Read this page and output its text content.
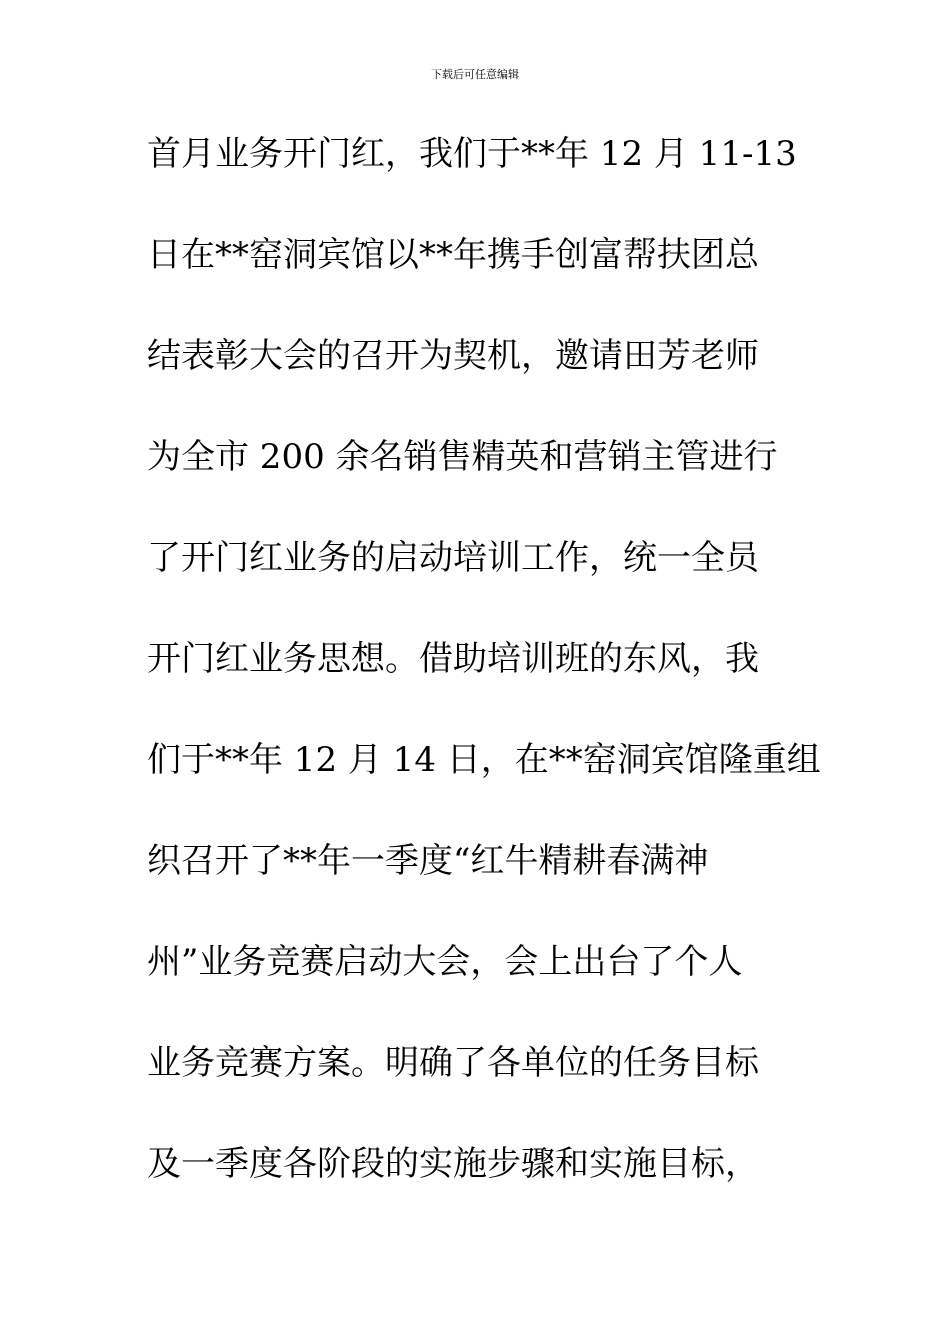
下载后可任意编辑
首月业务开门红，我们于**年 12 月 11-13
日在**窑洞宾馆以**年携手创富帮扶团总
结表彰大会的召开为契机，邀请田芳老师
为全市 200 余名销售精英和营销主管进行
了开门红业务的启动培训工作，统一全员
开门红业务思想。借助培训班的东风，我
们于**年 12 月 14 日，在**窑洞宾馆隆重组
织召开了**年一季度“红牛精耕春满神
州”业务竞赛启动大会，会上出台了个人
业务竞赛方案。明确了各单位的任务目标
及一季度各阶段的实施步骤和实施目标，
